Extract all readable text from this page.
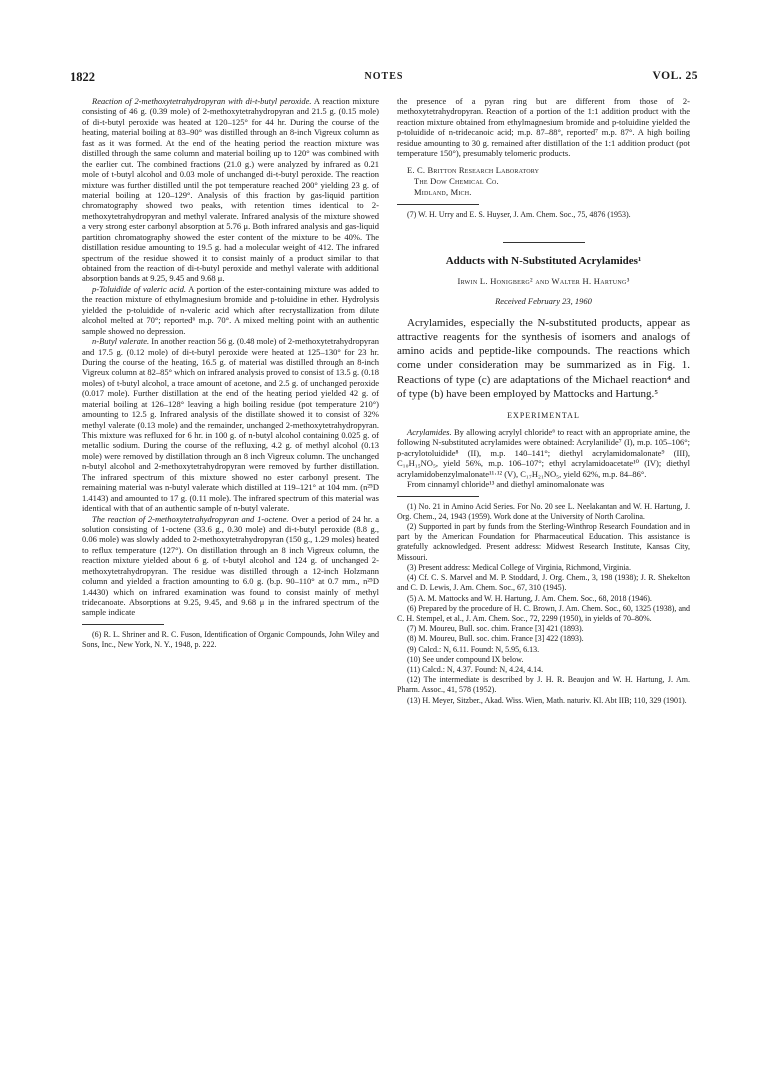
1822	NOTES	VOL. 25

Reaction of 2-methoxytetrahydropyran with di-t-butyl peroxide. A reaction mixture consisting of 46 g. (0.39 mole) of 2-methoxytetrahydropyran and 21.5 g. (0.15 mole) of di-t-butyl peroxide was heated at 120–125° for 44 hr. During the course of the heating, material boiling at 83–90° was distilled through an 8-inch Vigreux column as fast as it was formed. At the end of the heating period the reaction mixture was distilled through the same column and material boiling up to 120° was combined with the earlier cut. The combined fractions (21.0 g.) were analyzed by infrared as 0.21 mole of t-butyl alcohol and 0.03 mole of unchanged di-t-butyl peroxide. The reaction mixture was further distilled until the pot temperature reached 200° yielding 23 g. of material boiling at 120–129°. Analysis of this fraction by gas-liquid partition chromatography showed two peaks, with retention times identical to 2-methoxytetrahydropyran and methyl valerate. Infrared analysis of the mixture showed a very strong ester carbonyl absorption at 5.76 μ. Both infrared analysis and gas-liquid partition chromatography showed the ester content of the mixture to be 40%. The distillation residue amounting to 19.5 g. had a molecular weight of 412. The infrared spectrum of the residue showed it to consist mainly of a product similar to that obtained from the reaction of di-t-butyl peroxide and methyl valerate with additional absorption bands at 9.25, 9.45 and 9.68 μ.

p-Toluidide of valeric acid. A portion of the ester-containing mixture was added to the reaction mixture of ethylmagnesium bromide and p-toluidine in ether. Hydrolysis yielded the p-toluidide of n-valeric acid which after recrystallization from dilute alcohol melted at 70°; reported⁶ m.p. 70°. A mixed melting point with an authentic sample showed no depression.

n-Butyl valerate. In another reaction 56 g. (0.48 mole) of 2-methoxytetrahydropyran and 17.5 g. (0.12 mole) of di-t-butyl peroxide were heated at 125–130° for 23 hr. During the course of the heating, 16.5 g. of material was distilled through an 8-inch Vigreux column at 82–85° which on infrared analysis proved to consist of 13.5 g. (0.18 moles) of t-butyl alcohol, a trace amount of acetone, and 2.5 g. of unchanged peroxide (0.017 mole). Further distillation at the end of the heating period yielded 42 g. of material boiling at 126–128° leaving a high boiling residue (pot temperature 210°) amounting to 12.5 g. Infrared analysis of the distillate showed it to consist of 32% methyl valerate (0.13 mole) and the remainder, unchanged 2-methoxytetrahydropyran. This mixture was refluxed for 6 hr. in 100 g. of n-butyl alcohol containing 0.025 g. of metallic sodium. During the course of the refluxing, 4.2 g. of methyl alcohol (0.13 mole) were removed by distillation through an 8 inch Vigreux column. The unchanged n-butyl alcohol and 2-methoxytetrahydropyran were removed by further distillation. The infrared spectrum of this mixture showed no ester carbonyl present. The remaining material was n-butyl valerate which distilled at 119–121° at 104 mm. (n²⁵D 1.4143) and amounted to 17 g. (0.11 mole). The infrared spectrum of this material was identical with that of an authentic sample of n-butyl valerate.

The reaction of 2-methoxytetrahydropyran and 1-octene. Over a period of 24 hr. a solution consisting of 1-octene (33.6 g., 0.30 mole) and di-t-butyl peroxide (8.8 g., 0.06 mole) was slowly added to 2-methoxytetrahydropyran (150 g., 1.29 moles) heated to reflux temperature (127°). On distillation through an 8 inch Vigreux column, the reaction mixture yielded about 6 g. of t-butyl alcohol and 124 g. of unchanged 2-methoxytetrahydropyran. The residue was distilled through a 12-inch Holzmann column and yielded a fraction amounting to 6.0 g. (b.p. 90–110° at 0.7 mm., n²⁵D 1.4430) which on infrared examination was found to consist mainly of methyl tridecanoate. Absorptions at 9.25, 9.45, and 9.68 μ in the infrared spectrum of the sample indicate

(6) R. L. Shriner and R. C. Fuson, Identification of Organic Compounds, John Wiley and Sons, Inc., New York, N. Y., 1948, p. 222.

the presence of a pyran ring but are different from those of 2-methoxytetrahydropyran. Reaction of a portion of the 1:1 addition product with the reaction mixture obtained from ethylmagnesium bromide and p-toluidine yielded the p-toluidide of n-tridecanoic acid; m.p. 87–88°, reported⁷ m.p. 87°. A high boiling residue amounting to 30 g. remained after distillation of the 1:1 addition product (pot temperature 150°), presumably telomeric products.

E. C. Britton Research Laboratory
The Dow Chemical Co.
Midland, Mich.

(7) W. H. Urry and E. S. Huyser, J. Am. Chem. Soc., 75, 4876 (1953).

Adducts with N-Substituted Acrylamides¹

Irwin L. Honigberg² and Walter H. Hartung³

Received February 23, 1960

Acrylamides, especially the N-substituted products, appear as attractive reagents for the synthesis of isomers and analogs of amino acids and peptide-like compounds. The reactions which come under consideration may be summarized as in Fig. 1. Reactions of type (c) are adaptations of the Michael reaction⁴ and of type (b) have been employed by Mattocks and Hartung.⁵

EXPERIMENTAL

Acrylamides. By allowing acrylyl chloride⁶ to react with an appropriate amine, the following N-substituted acrylamides were obtained: Acrylanilide⁷ (I), m.p. 105–106°; p-acrylotoluidide⁸ (II), m.p. 140–141°; diethyl acrylamidomalonate⁹ (III), C₁₀H₁₅NO₅, yield 56%, m.p. 106–107°; ethyl acrylamidoacetate¹⁰ (IV); diethyl acrylamidobenzylmalonate¹¹·¹² (V), C₁₇H₂₁NO₅, yield 62%, m.p. 84–86°.

From cinnamyl chloride¹³ and diethyl aminomalonate was

(1) No. 21 in Amino Acid Series. For No. 20 see L. Neelakantan and W. H. Hartung, J. Org. Chem., 24, 1943 (1959). Work done at the University of North Carolina.

(2) Supported in part by funds from the Sterling-Winthrop Research Foundation and in part by the American Foundation for Pharmaceutical Education. This assistance is gratefully acknowledged. Present address: Midwest Research Institute, Kansas City, Missouri.

(3) Present address: Medical College of Virginia, Richmond, Virginia.

(4) Cf. C. S. Marvel and M. P. Stoddard, J. Org. Chem., 3, 198 (1938); J. R. Shekelton and C. D. Lewis, J. Am. Chem. Soc., 67, 310 (1945).

(5) A. M. Mattocks and W. H. Hartung, J. Am. Chem. Soc., 68, 2018 (1946).

(6) Prepared by the procedure of H. C. Brown, J. Am. Chem. Soc., 60, 1325 (1938), and C. H. Stempel, et al., J. Am. Chem. Soc., 72, 2299 (1950), in yields of 70–80%.

(7) M. Moureu, Bull. soc. chim. France [3] 421 (1893).

(8) M. Moureu, Bull. soc. chim. France [3] 422 (1893).

(9) Calcd.: N, 6.11. Found: N, 5.95, 6.13.

(10) See under compound IX below.

(11) Calcd.: N, 4.37. Found: N, 4.24, 4.14.

(12) The intermediate is described by J. H. R. Beaujon and W. H. Hartung, J. Am. Pharm. Assoc., 41, 578 (1952).

(13) H. Meyer, Sitzber., Akad. Wiss. Wien, Math. naturiv. Kl. Abt IIB; 110, 329 (1901).
